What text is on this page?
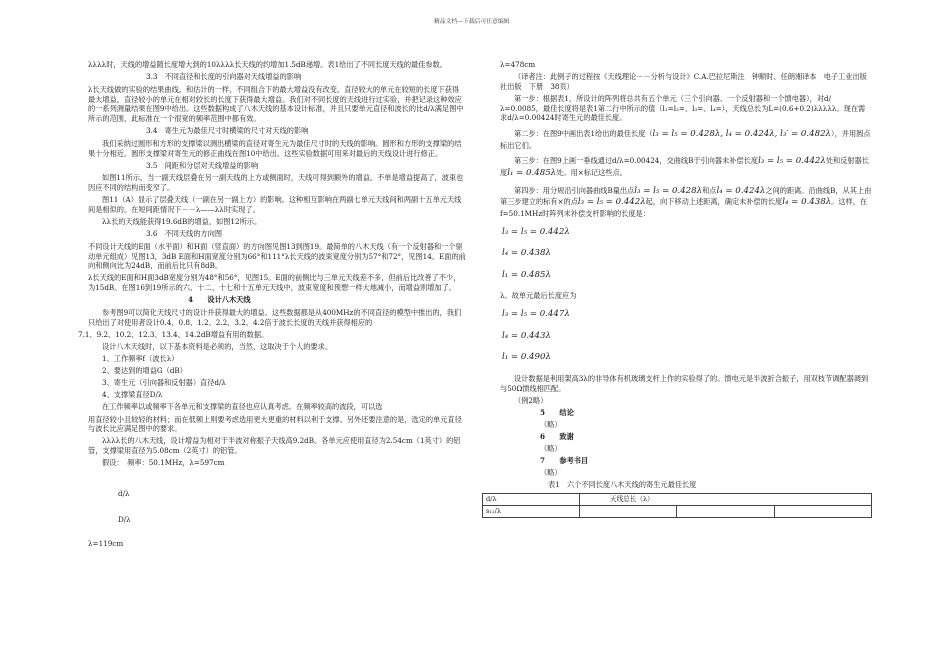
精品文档---下载后可任意编辑

λλλλ时，天线的增益随长度增大到的10λλλλ长天线的约增加1.5dB递增。表1给出了不同长度天线的最佳参数。

3.3　不同直径和长度的引向器对天线增益的影响

λ长天线做的实验的结果曲线。和估计的一样，不同组合下的最大增益没有改变。直径较大的单元在较短的长度下获得最大增益，直径较小的单元在相对较长的长度下获得最大增益。我们对不同长度的天线进行过实验，并把记录这种效应的一系列测量结果在图9中给出。这些数据构成了八木天线的基本设计标准，并且只要单元直径和波长的比d/λ满足图中所示的范围，此标准在一个很宽的频率范围中都有效。

3.4　寄生元为最佳尺寸时横梁的尺寸对天线的影响

我们采纳过圆形和方形的支撑梁以测出横梁的直径对寄生元为最佳尺寸时的天线的影响。圆形和方形的支撑梁的结果十分相近。圆形支撑梁对寄生元的修正曲线在图10中给出。这些实验数据可用来对最后的天线设计进行修正。

3.5　间距和分层对天线增益的影响

如图11所示，当一副天线层叠在另一副天线的上方或侧面时，天线可得到额外的增益。不单是增益提高了，波束也因应不同的结构而变窄了。

图11（A）显示了层叠天线（一副在另一副上方）的影响。这种相互影响在两副七单元天线间和两副十五单元天线间是相似的。在短间距情况下－－λ——λλ时实现了。

λλ长的天线能获得19.6dB的增益，如图12所示。

3.6　不同天线的方向图

不同设计天线的E面（水平面）和H面（竖直面）的方向图见图13到图19。最简单的八木天线（有一个反射器和一个驱动单元组成）见图13，3dB E面和H面宽度分别为66°和111°λ长天线的波束宽度分别为57°和72°，见图14。E面的前向和侧向比为24dB，而前后比只有8dB。

λ长天线的E面和H面3dB宽度分别为48°和56°，见图15。E面的前侧比与三单元天线差不多，但前后比改善了不少，为15dB。在图16到19所示的六、十二、十七和十五单元天线中，波束宽度和预想一样大地减小，而增益则增加了。

4　　设计八木天线

参考图9可以简化天线尺寸的设计并获得最大的增益。这些数据都是从400MHz的不同直径的模型中推出的，我们只给出了对使用者设计0.4、0.8、1.2、2.2、3.2、4.2倍于波长长度的天线并获得相应的

7.1、9.2、10.2、12.3、13.4、14.2dB增益有用的数据。

设计八木天线时，以下基本资料是必须的，当然，这取决于个人的要求。

1、工作频率f（波长λ）

2、要达到的增益G（dB）

3、寄生元（引向器和反射器）直径d/λ

4、支撑梁直径D/λ

在工作频率以或频率下各单元和支撑梁的直径也应认真考虑。在频率较高的波段，可以选

用直径较小且较轻的材料；而在低频上则要考虑选用更大更重的材料以利于支撑。另外还要注意的是，选定的单元直径与波长比应满足图中的要求。

λλλλ长的八木天线，设计增益为相对于半波对称振子天线高9.2dB。各单元应使用直径为2.54cm（1英寸）的铝管，支撑梁用直径为5.08cm（2英寸）的铝管。

假设：　频率：50.1MHz，λ=597cm

d/λ

D/λ

λ=119cm

λ=478cm

（译者注：此例子的过程按《天线理论－－分析与设计》C.A.巴拉尼斯注　钟顺时、任朗湘译本　电子工业出版社出版　下册　38页）

第一步：根据表1，所设计的阵列将总共有五个单元（三个引向器、一个反射器和一个馈电器），对d/λ=0.0085，最佳长度将是表1第二行中所示的值（l₁=l₂=、l₃=、l₄=），天线总长为L=(0.6+0.2)λλλλλ。现在需求d/λ=0.00424时寄生元的最佳长度。

第二步：在图9中画出表1给出的最佳长度（l₃ = l₅ = 0.428λ, l₄ = 0.424λ, l₃′ = 0.482λ），并用圆点标出它们。

第三步：在图9上画一垂线通过d/λ=0.00424，交曲线B于引向器未补偿长度l₃ = l₅ = 0.442λ处和反射器长度l₁ = 0.485λ处。用×标记这些点。

第四步：用分规沿引向器曲线B量出点l₃ = l₅ = 0.428λ和点l₄ = 0.424λ之间的距离。沿曲线B，从其上由第三步建立的标有×的点l₃ = l₅ = 0.442λ起，向下移动上述距离，确定未补偿的长度l₄ = 0.438λ。这样，在f=50.1MHz时阵列未补偿支杆影响的长度是：

l₃ = l₅ = 0.442λ
l₄ = 0.438λ
l₁ = 0.485λ

λ。故单元最后长度应为

l₃ = l₅ = 0.447λ
l₄ = 0.443λ
l₁ = 0.490λ

设计数据是利用架高3λ的非导体有机玻璃支杆上作的实验得了的。馈电元是半波折合振子，用双枝节调配器调到与50Ω馈线相匹配。

（例2略）

5　　结论

（略）

6　　致谢

（略）

7　　参考书目

（略）

表1　六个不同长度八木天线的寄生元最佳长度

d/λ	天线总长（λ）		
s₁₂/λ			
